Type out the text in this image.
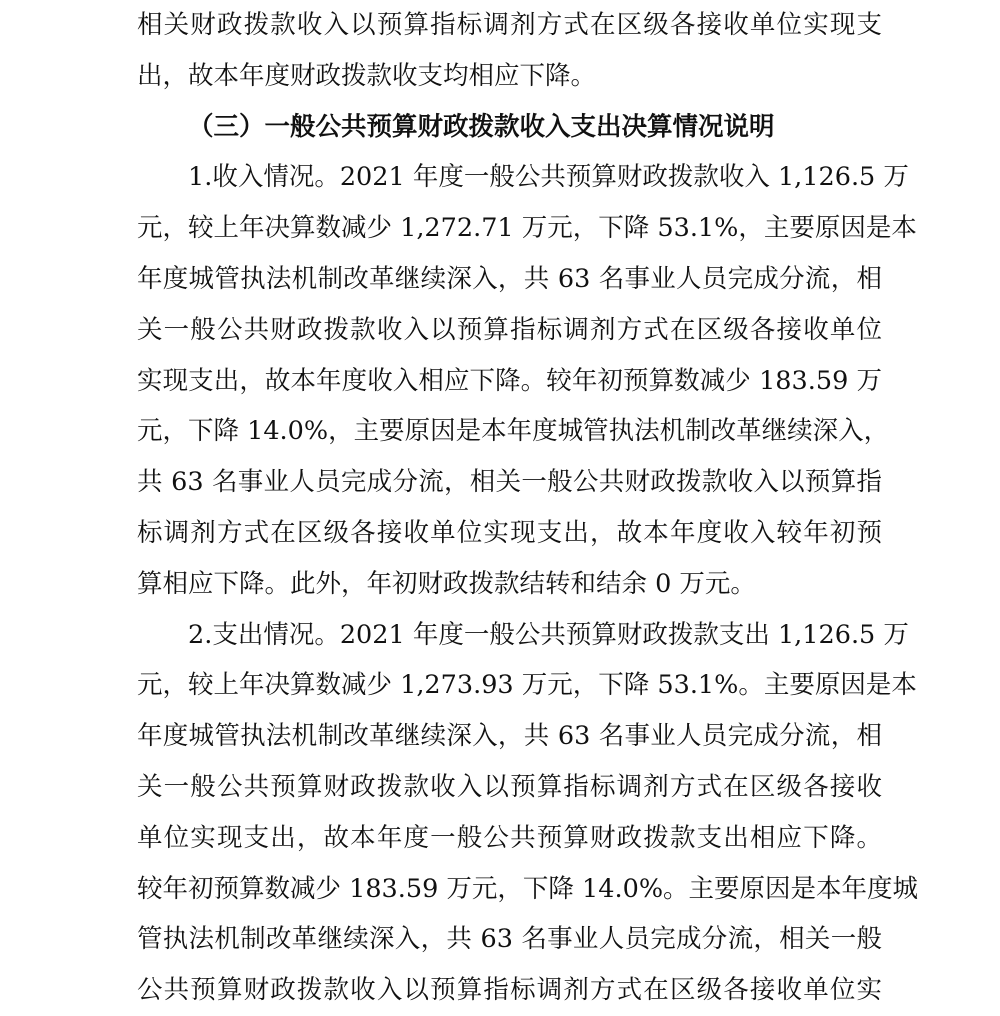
相关财政拨款收入以预算指标调剂方式在区级各接收单位实现支
出，故本年度财政拨款收支均相应下降。
（三）一般公共预算财政拨款收入支出决算情况说明
1.收入情况。2021 年度一般公共预算财政拨款收入 1,126.5 万
元，较上年决算数减少 1,272.71 万元，下降 53.1%，主要原因是本
年度城管执法机制改革继续深入，共 63 名事业人员完成分流，相
关一般公共财政拨款收入以预算指标调剂方式在区级各接收单位
实现支出，故本年度收入相应下降。较年初预算数减少 183.59 万
元，下降 14.0%，主要原因是本年度城管执法机制改革继续深入，
共 63 名事业人员完成分流，相关一般公共财政拨款收入以预算指
标调剂方式在区级各接收单位实现支出，故本年度收入较年初预
算相应下降。此外，年初财政拨款结转和结余 0 万元。
2.支出情况。2021 年度一般公共预算财政拨款支出 1,126.5 万
元，较上年决算数减少 1,273.93 万元，下降 53.1%。主要原因是本
年度城管执法机制改革继续深入，共 63 名事业人员完成分流，相
关一般公共预算财政拨款收入以预算指标调剂方式在区级各接收
单位实现支出，故本年度一般公共预算财政拨款支出相应下降。
较年初预算数减少 183.59 万元，下降 14.0%。主要原因是本年度城
管执法机制改革继续深入，共 63 名事业人员完成分流，相关一般
公共预算财政拨款收入以预算指标调剂方式在区级各接收单位实
